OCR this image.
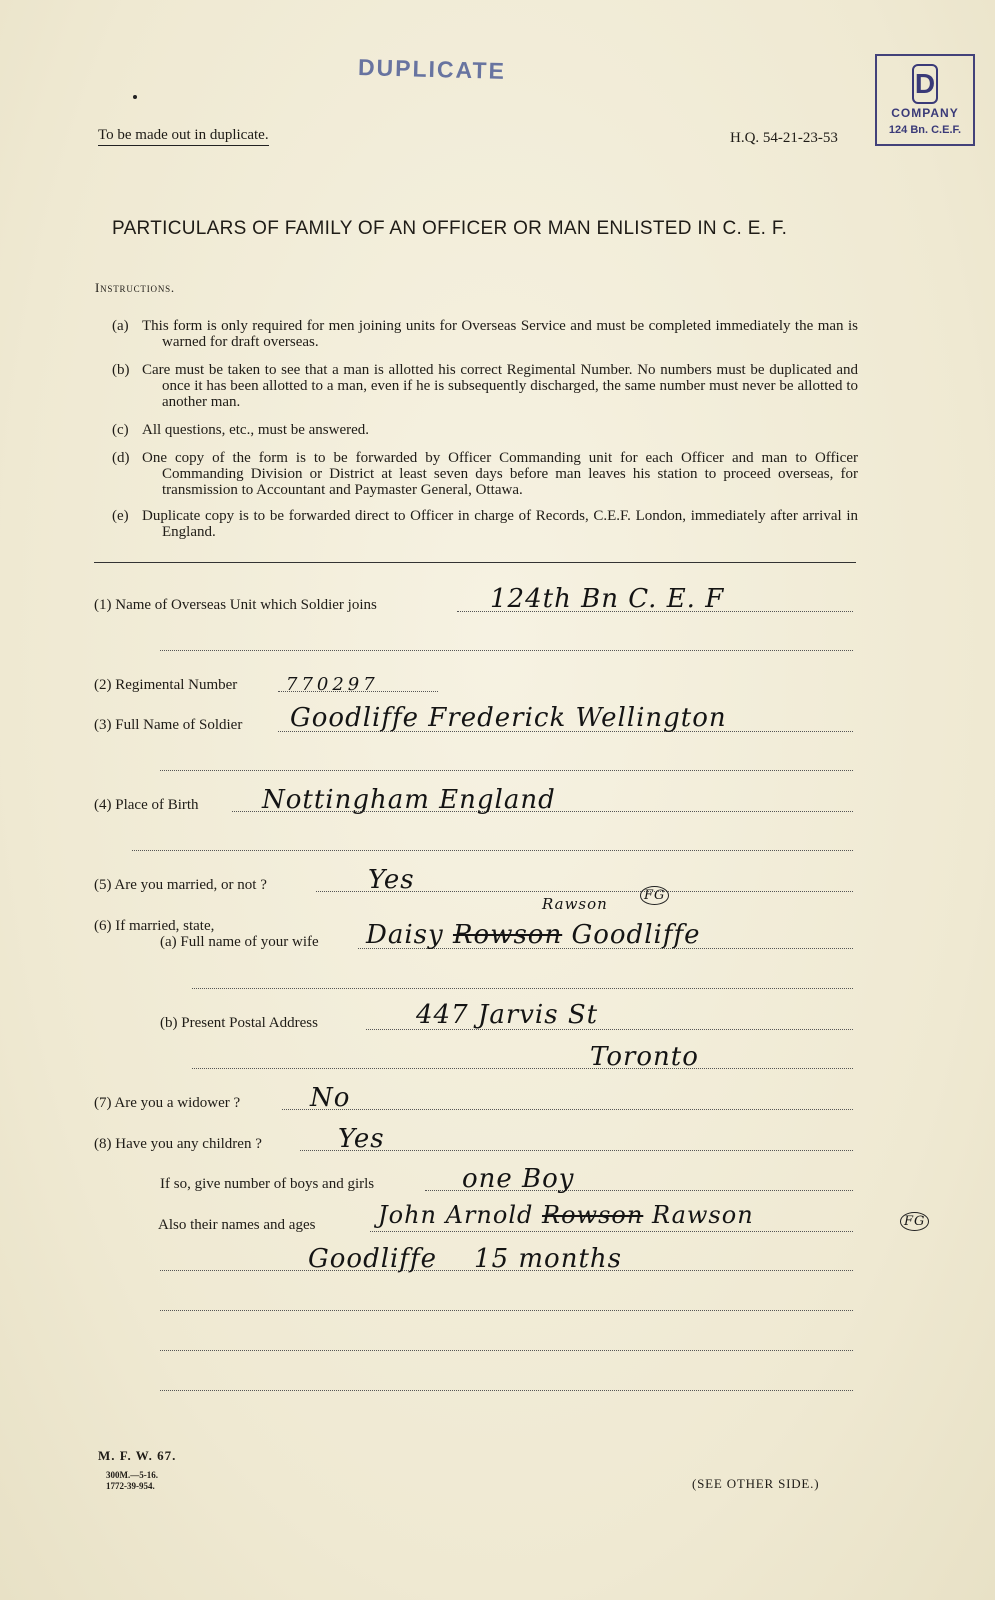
DUPLICATE	D
COMPANY
124 Bn. C.E.F.
To be made out in duplicate.	H.Q. 54-21-23-53
PARTICULARS OF FAMILY OF AN OFFICER OR MAN ENLISTED IN C. E. F.
Instructions.
(a) This form is only required for men joining units for Overseas Service and must be completed immediately the man is warned for draft overseas.
(b) Care must be taken to see that a man is allotted his correct Regimental Number. No numbers must be duplicated and once it has been allotted to a man, even if he is subsequently discharged, the same number must never be allotted to another man.
(c) All questions, etc., must be answered.
(d) One copy of the form is to be forwarded by Officer Commanding unit for each Officer and man to Officer Commanding Division or District at least seven days before man leaves his station to proceed overseas, for transmission to Accountant and Paymaster General, Ottawa.
(e) Duplicate copy is to be forwarded direct to Officer in charge of Records, C.E.F. London, immediately after arrival in England.
(1) Name of Overseas Unit which Soldier joins	124th Bn C. E. F
(2) Regimental Number	770297
(3) Full Name of Soldier Goodliffe Frederick Wellington
(4) Place of Birth Nottingham England
(5) Are you married, or not ?	Yes
(6) If married, state,
(a) Full name of your wife Daisy Rowson Goodliffe
Rawson	FG
(b) Present Postal Address	447 Jarvis St
Toronto
(7) Are you a widower ?	No
(8) Have you any children ?	Yes
If so, give number of boys and girls	one Boy
Also their names and ages	John Arnold Rowson Rawson	FG
Goodliffe    15 months
M. F. W. 67.
300M.—5-16.
1772-39-954.	(SEE OTHER SIDE.)
